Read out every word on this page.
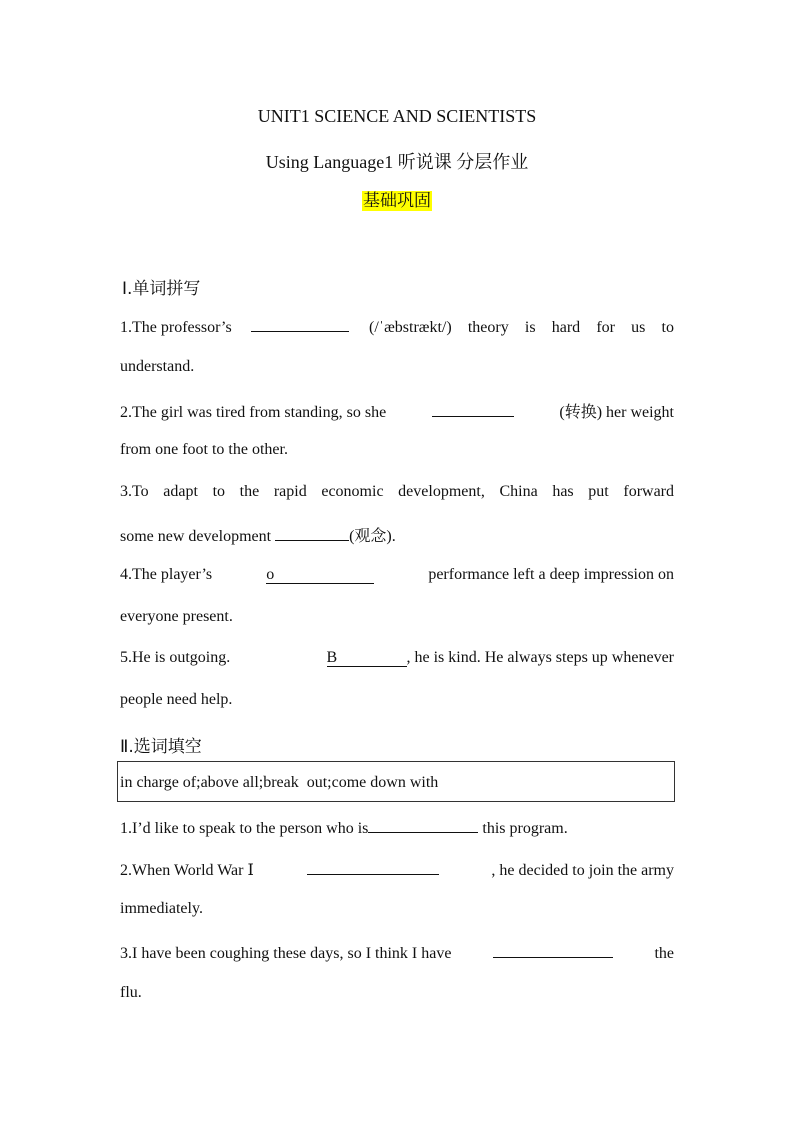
UNIT1 SCIENCE AND SCIENTISTS
Using Language1 听说课 分层作业
基础巩固
Ⅰ.单词拼写
1.The professor’s	(/ˈæbstrækt/) theory is hard for us to
understand.
2.The girl was tired from standing, so she	(转换) her weight
from one foot to the other.
3.To adapt to the rapid economic development, China has put forward
some new development	(观念).
4.The player’s	o	performance left a deep impression on
everyone present.
5.He is outgoing.	B	, he is kind. He always steps up whenever
people need help.
Ⅱ.选词填空
in charge of;above all;break  out;come down with
1.I’d like to speak to the person who is	this program.
2.When World War Ⅰ	, he decided to join the army
immediately.
3.I have been coughing these days, so I think I have	the
flu.
